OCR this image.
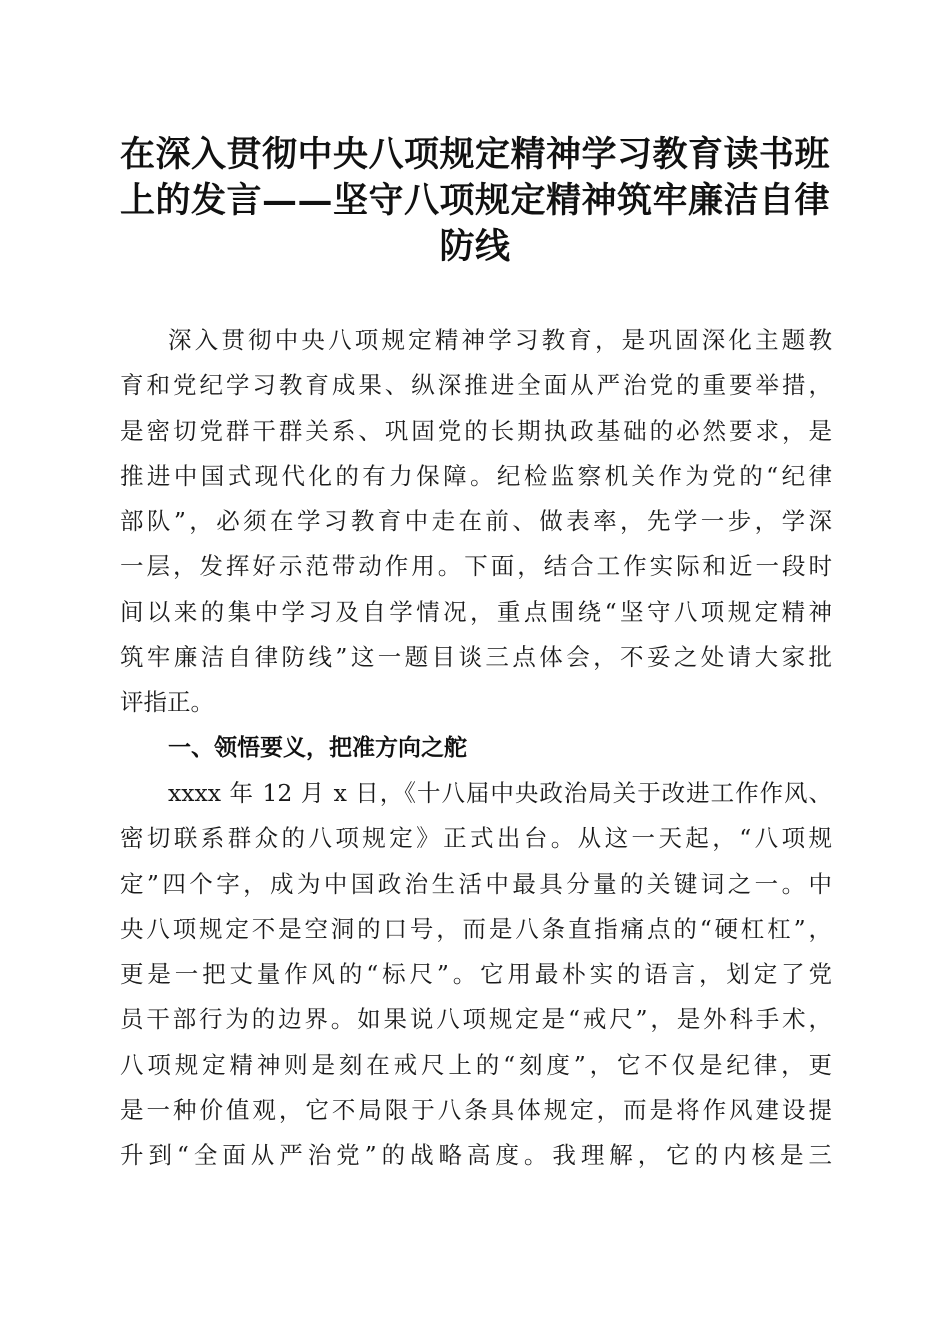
在深入贯彻中央八项规定精神学习教育读书班
上的发言——坚守八项规定精神筑牢廉洁自律
防线
深入贯彻中央八项规定精神学习教育，是巩固深化主题教
育和党纪学习教育成果、纵深推进全面从严治党的重要举措，
是密切党群干群关系、巩固党的长期执政基础的必然要求，是
推进中国式现代化的有力保障。纪检监察机关作为党的“纪律
部队”，必须在学习教育中走在前、做表率，先学一步，学深
一层，发挥好示范带动作用。下面，结合工作实际和近一段时
间以来的集中学习及自学情况，重点围绕“坚守八项规定精神
筑牢廉洁自律防线”这一题目谈三点体会，不妥之处请大家批
评指正。
一、领悟要义，把准方向之舵
xxxx 年 12 月 x 日，《十八届中央政治局关于改进工作作风、
密切联系群众的八项规定》正式出台。从这一天起，“八项规
定”四个字，成为中国政治生活中最具分量的关键词之一。中
央八项规定不是空洞的口号，而是八条直指痛点的“硬杠杠”，
更是一把丈量作风的“标尺”。它用最朴实的语言，划定了党
员干部行为的边界。如果说八项规定是“戒尺”，是外科手术，
八项规定精神则是刻在戒尺上的“刻度”，它不仅是纪律，更
是一种价值观，它不局限于八条具体规定，而是将作风建设提
升到“全面从严治党”的战略高度。我理解，它的内核是三
